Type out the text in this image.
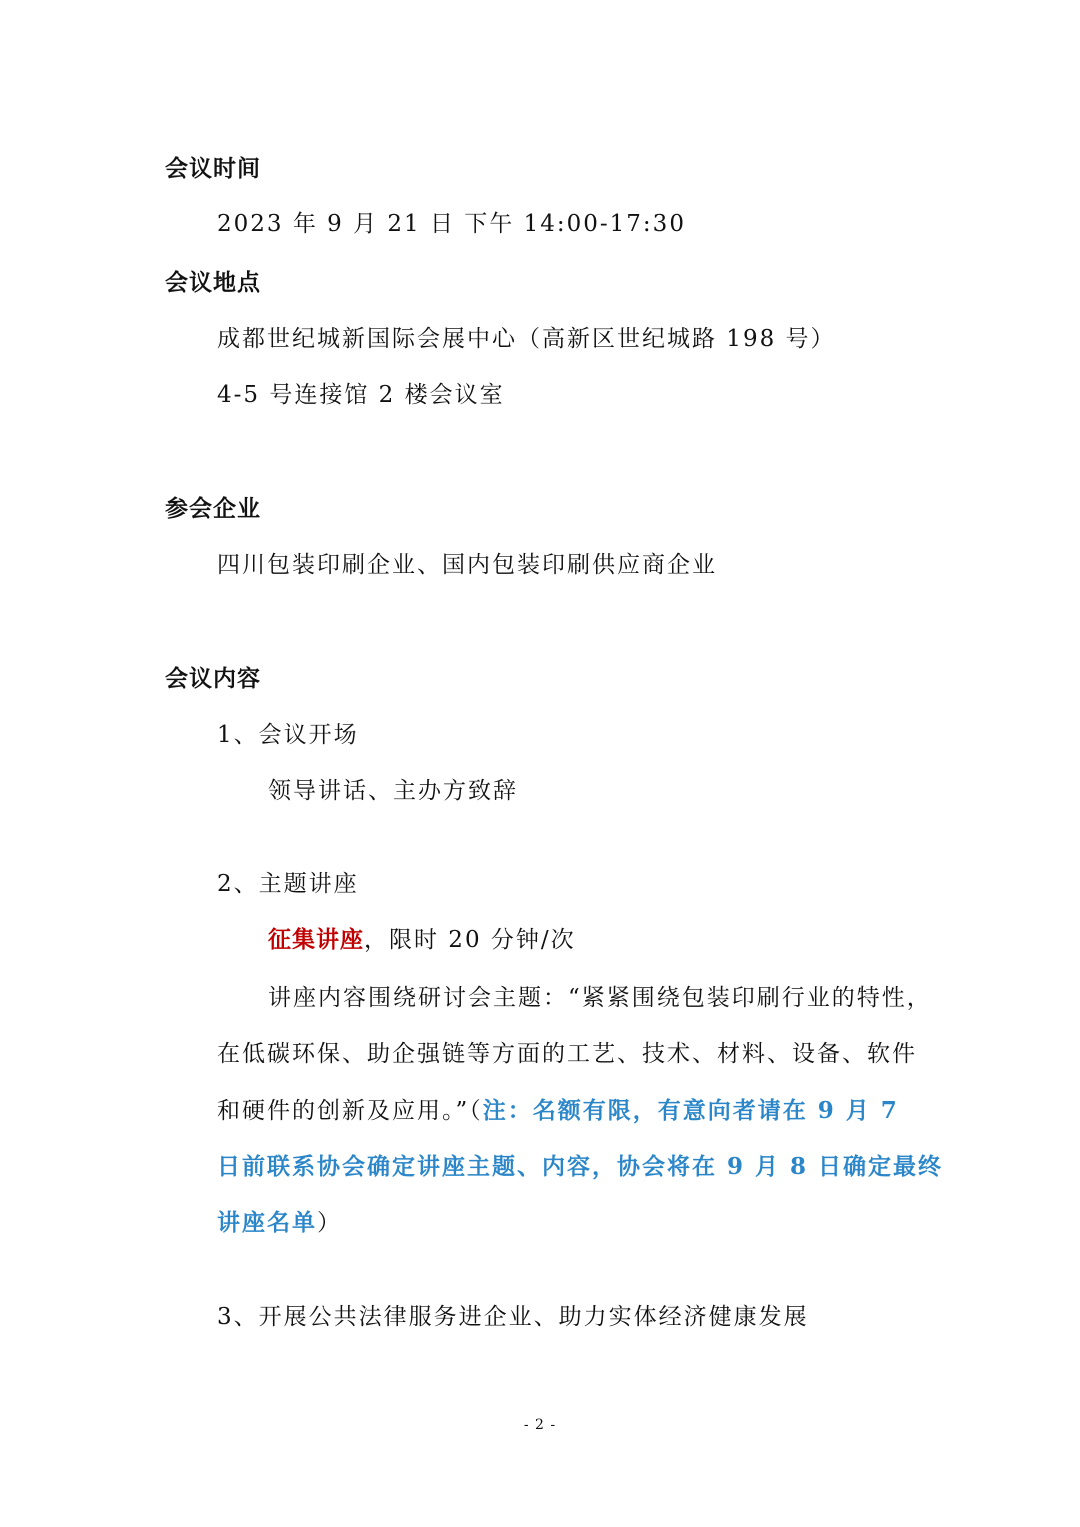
会议时间
2023 年 9 月 21 日 下午 14:00-17:30
会议地点
成都世纪城新国际会展中心（高新区世纪城路 198 号）
4-5 号连接馆 2 楼会议室
参会企业
四川包装印刷企业、国内包装印刷供应商企业
会议内容
1、会议开场
领导讲话、主办方致辞
2、主题讲座
征集讲座，限时 20 分钟/次
讲座内容围绕研讨会主题：“紧紧围绕包装印刷行业的特性，
在低碳环保、助企强链等方面的工艺、技术、材料、设备、软件
和硬件的创新及应用。”（注：名额有限，有意向者请在 9 月 7
日前联系协会确定讲座主题、内容，协会将在 9 月 8 日确定最终
讲座名单）
3、开展公共法律服务进企业、助力实体经济健康发展
- 2 -
